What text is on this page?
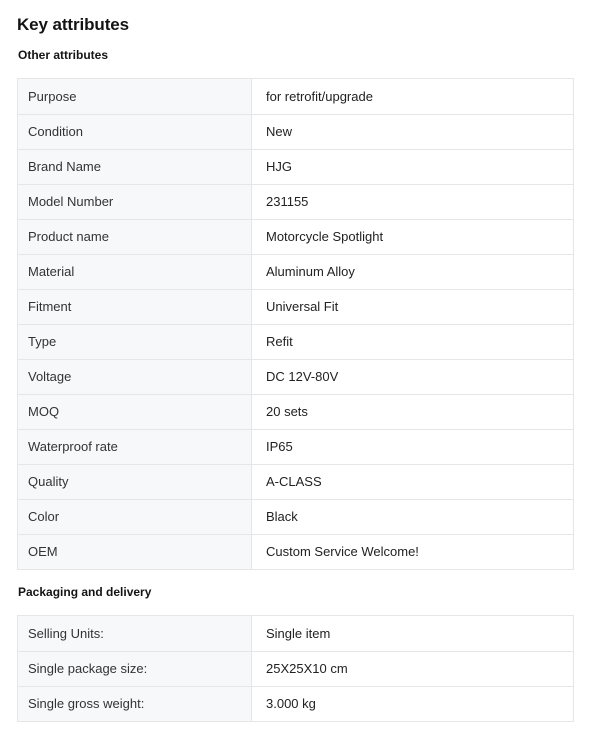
Key attributes
Other attributes
Purpose	for retrofit/upgrade
Condition	New
Brand Name	HJG
Model Number	231155
Product name	Motorcycle Spotlight
Material	Aluminum Alloy
Fitment	Universal Fit
Type	Refit
Voltage	DC 12V-80V
MOQ	20 sets
Waterproof rate	IP65
Quality	A-CLASS
Color	Black
OEM	Custom Service Welcome!
Packaging and delivery
Selling Units:	Single item
Single package size:	25X25X10 cm
Single gross weight:	3.000 kg
